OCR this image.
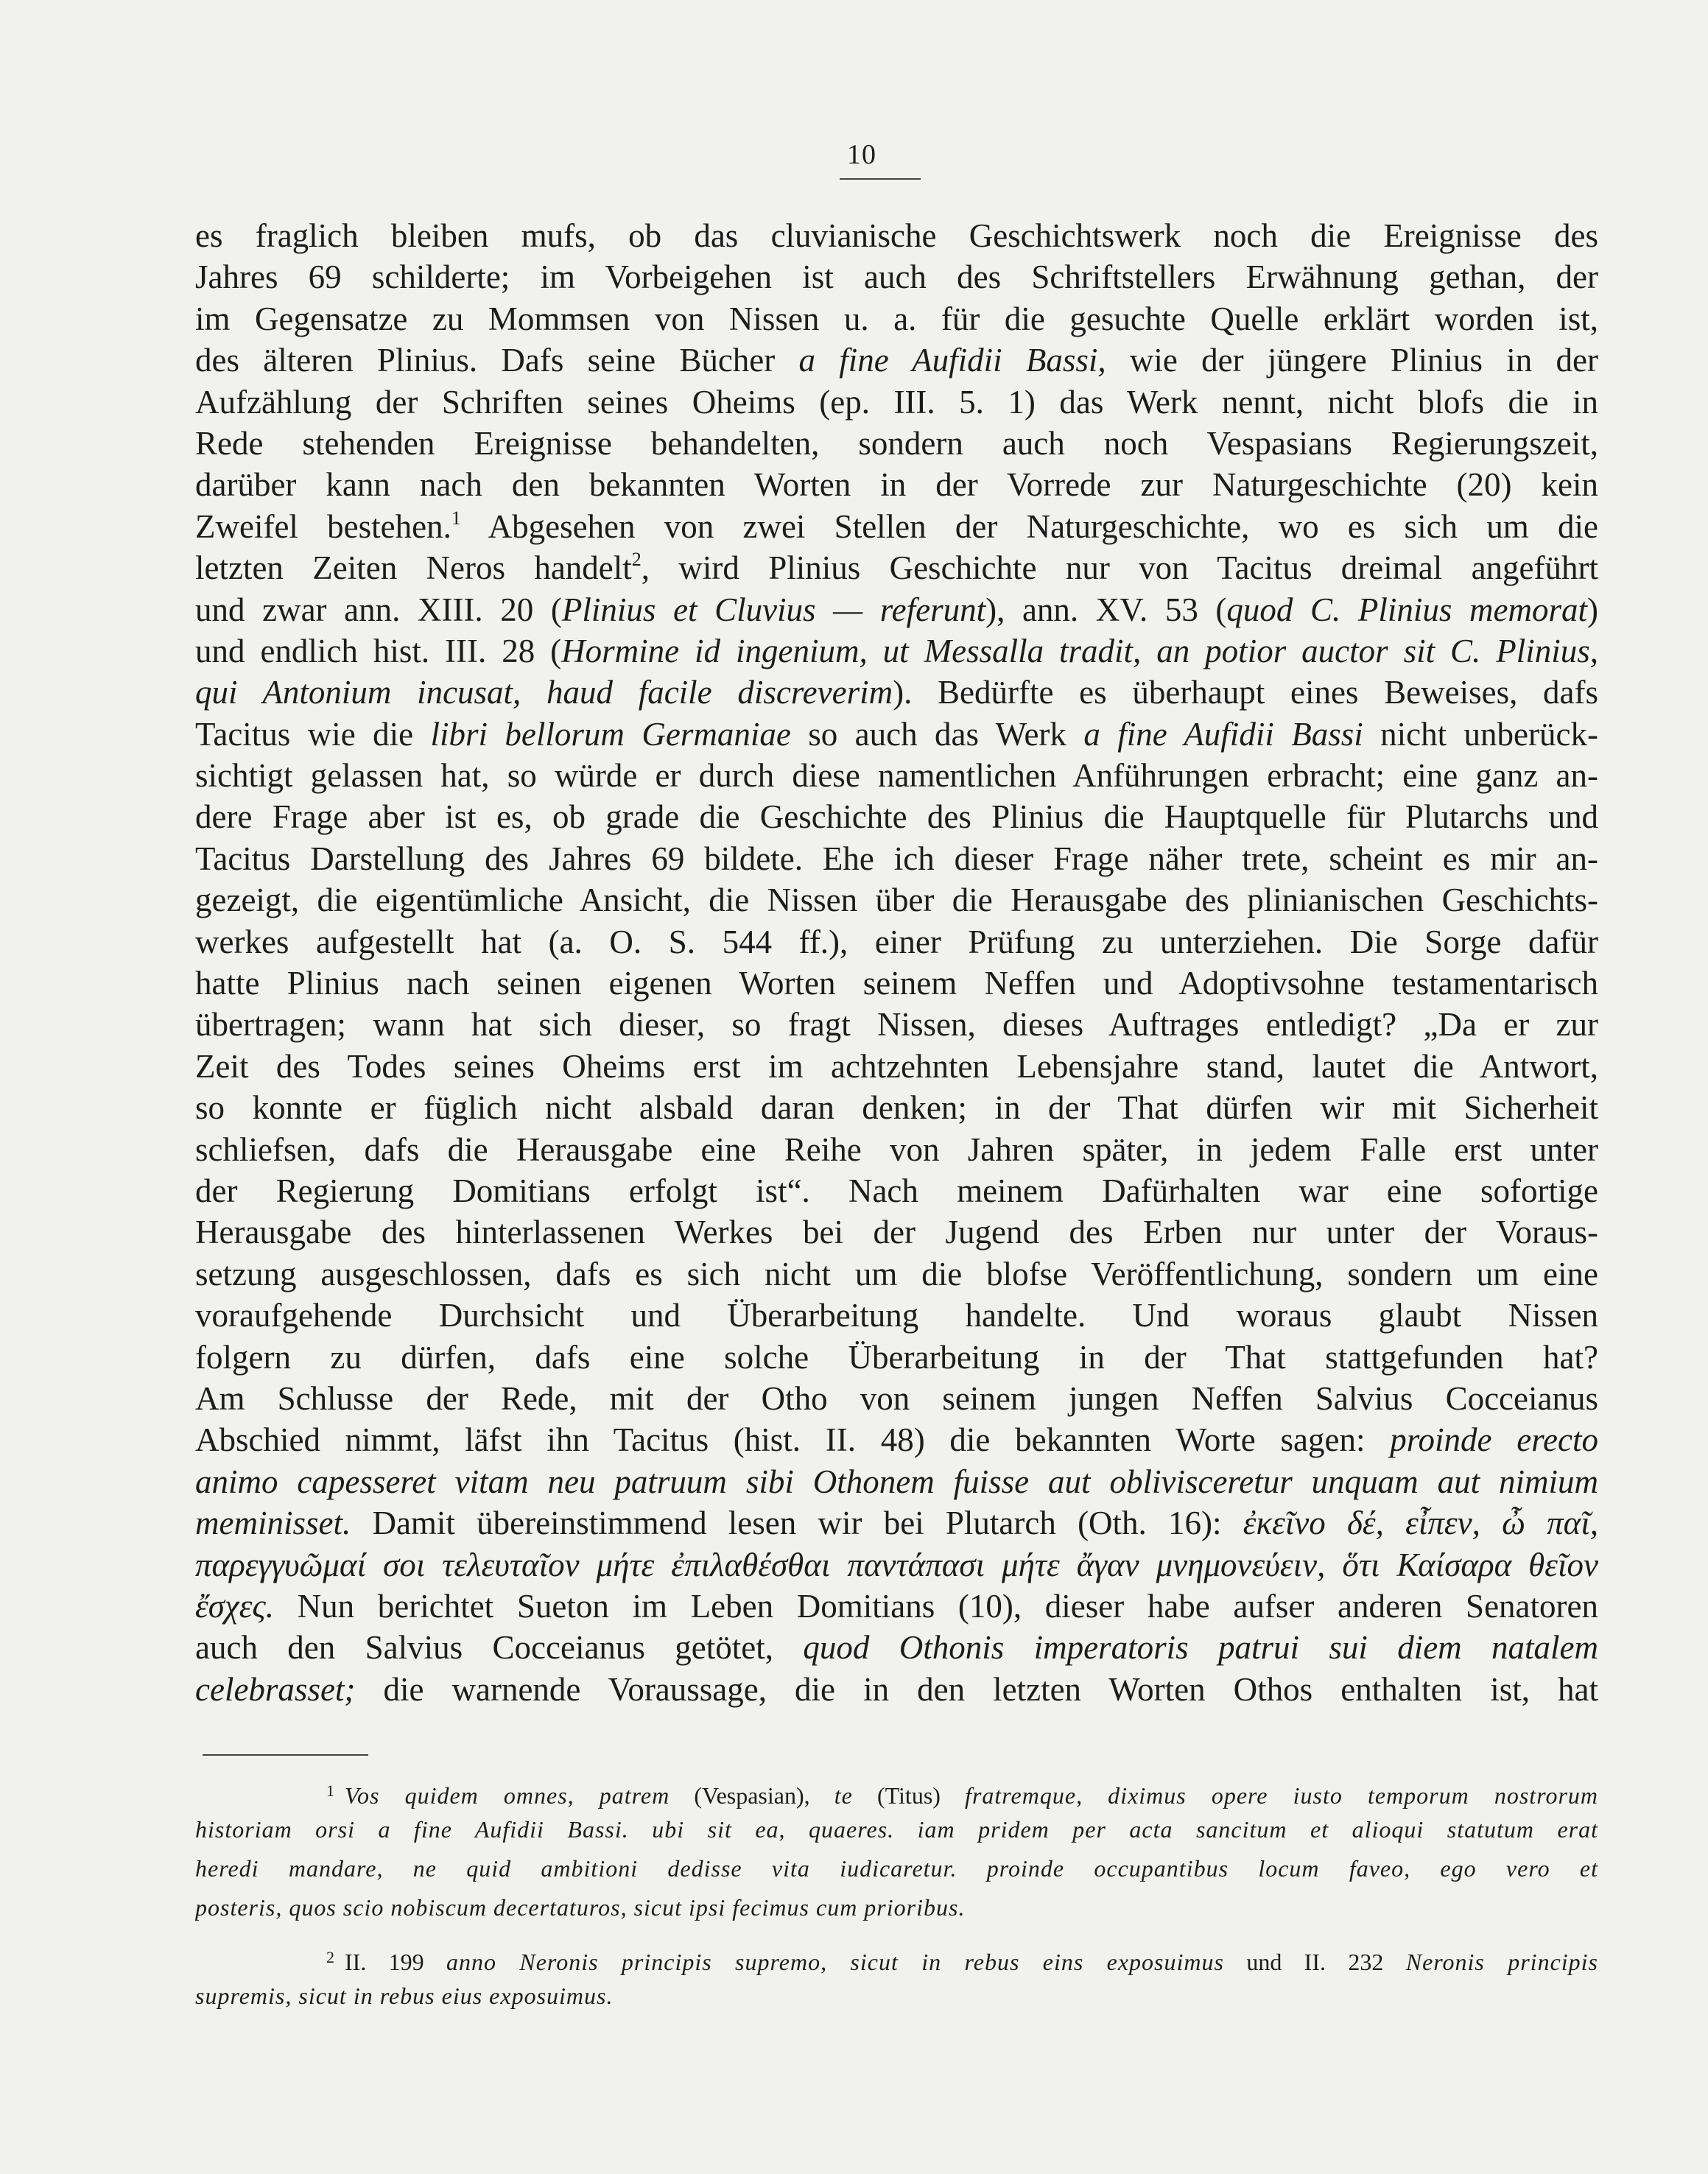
10
es fraglich bleiben mufs, ob das cluvianische Geschichtswerk noch die Ereignisse des
Jahres 69 schilderte; im Vorbeigehen ist auch des Schriftstellers Erwähnung gethan, der
im Gegensatze zu Mommsen von Nissen u. a. für die gesuchte Quelle erklärt worden ist,
des älteren Plinius. Dafs seine Bücher a fine Aufidii Bassi, wie der jüngere Plinius in der
Aufzählung der Schriften seines Oheims (ep. III. 5. 1) das Werk nennt, nicht blofs die in
Rede stehenden Ereignisse behandelten, sondern auch noch Vespasians Regierungszeit,
darüber kann nach den bekannten Worten in der Vorrede zur Naturgeschichte (20) kein
Zweifel bestehen.$^1$ Abgesehen von zwei Stellen der Naturgeschichte, wo es sich um die
letzten Zeiten Neros handelt$^2$, wird Plinius Geschichte nur von Tacitus dreimal angeführt
und zwar ann. XIII. 20 (Plinius et Cluvius — referunt), ann. XV. 53 (quod C. Plinius memorat)
und endlich hist. III. 28 (Hormine id ingenium, ut Messalla tradit, an potior auctor sit C. Plinius,
qui Antonium incusat, haud facile discreverim). Bedürfte es überhaupt eines Beweises, dafs
Tacitus wie die libri bellorum Germaniae so auch das Werk a fine Aufidii Bassi nicht unberück-
sichtigt gelassen hat, so würde er durch diese namentlichen Anführungen erbracht; eine ganz an-
dere Frage aber ist es, ob grade die Geschichte des Plinius die Hauptquelle für Plutarchs und
Tacitus Darstellung des Jahres 69 bildete. Ehe ich dieser Frage näher trete, scheint es mir an-
gezeigt, die eigentümliche Ansicht, die Nissen über die Herausgabe des plinianischen Geschichts-
werkes aufgestellt hat (a. O. S. 544 ff.), einer Prüfung zu unterziehen. Die Sorge dafür
hatte Plinius nach seinen eigenen Worten seinem Neffen und Adoptivsohne testamentarisch
übertragen; wann hat sich dieser, so fragt Nissen, dieses Auftrages entledigt? „Da er zur
Zeit des Todes seines Oheims erst im achtzehnten Lebensjahre stand, lautet die Antwort,
so konnte er füglich nicht alsbald daran denken; in der That dürfen wir mit Sicherheit
schliefsen, dafs die Herausgabe eine Reihe von Jahren später, in jedem Falle erst unter
der Regierung Domitians erfolgt ist“. Nach meinem Dafürhalten war eine sofortige
Herausgabe des hinterlassenen Werkes bei der Jugend des Erben nur unter der Voraus-
setzung ausgeschlossen, dafs es sich nicht um die blofse Veröffentlichung, sondern um eine
voraufgehende Durchsicht und Überarbeitung handelte. Und woraus glaubt Nissen
folgern zu dürfen, dafs eine solche Überarbeitung in der That stattgefunden hat?
Am Schlusse der Rede, mit der Otho von seinem jungen Neffen Salvius Cocceianus
Abschied nimmt, läfst ihn Tacitus (hist. II. 48) die bekannten Worte sagen: proinde erecto
animo capesseret vitam neu patruum sibi Othonem fuisse aut oblivisceretur unquam aut nimium
meminisset. Damit übereinstimmend lesen wir bei Plutarch (Oth. 16): ἐκεῖνο δέ, εἶπεν, ὦ παῖ,
παρεγγυῶμαί σοι τελευταῖον μήτε ἐπιλαθέσθαι παντάπασι μήτε ἄγαν μνημονεύειν, ὅτι Καίσαρα θεῖον
ἔσχες. Nun berichtet Sueton im Leben Domitians (10), dieser habe aufser anderen Senatoren
auch den Salvius Cocceianus getötet, quod Othonis imperatoris patrui sui diem natalem
celebrasset; die warnende Voraussage, die in den letzten Worten Othos enthalten ist, hat
$^1$ Vos quidem omnes, patrem (Vespasian), te (Titus) fratremque, diximus opere iusto temporum nostrorum
historiam orsi a fine Aufidii Bassi. ubi sit ea, quaeres. iam pridem per acta sancitum et alioqui statutum erat
heredi mandare, ne quid ambitioni dedisse vita iudicaretur. proinde occupantibus locum faveo, ego vero et
posteris, quos scio nobiscum decertaturos, sicut ipsi fecimus cum prioribus.
$^2$ II. 199 anno Neronis principis supremo, sicut in rebus eins exposuimus und II. 232 Neronis principis
supremis, sicut in rebus eius exposuimus.
